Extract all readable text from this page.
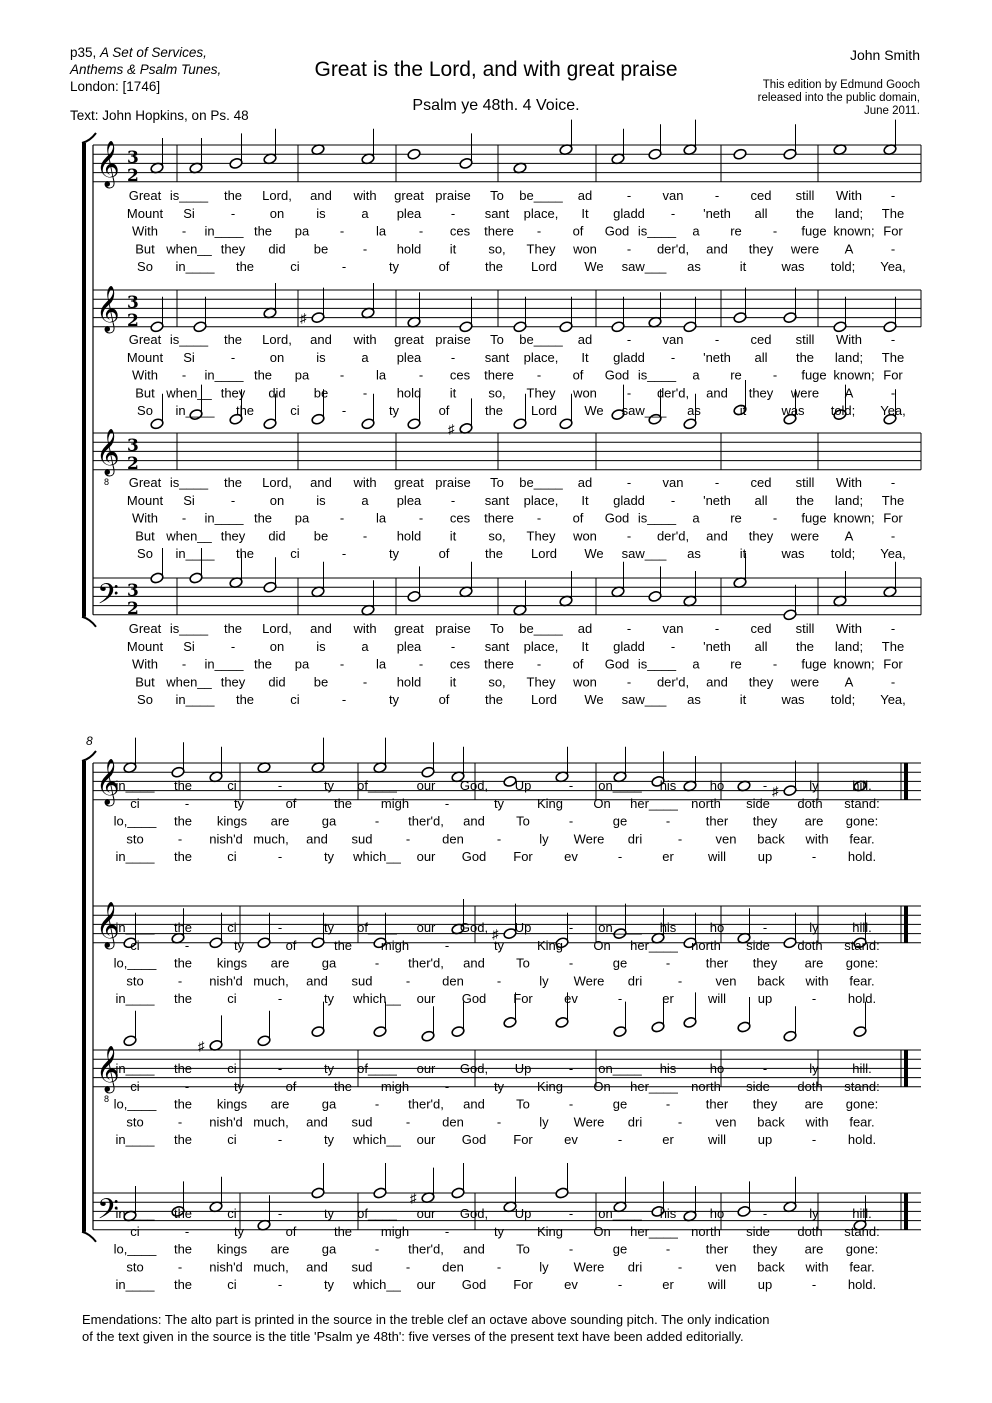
p35, A Set of Services,
Anthems & Psalm Tunes,
London: [1746]
Text: John Hopkins, on Ps. 48
Great is the Lord, and with great praise
Psalm ye 48th. 4 Voice.
John Smith
This edition by Edmund Gooch
released into the public domain,
June 2011.
𝄞 3
2
𝄞 3
2
𝄞
8
3
2
𝄢 3
2
𝄞
𝄞
𝄞
8
𝄢
8
♯
♯
♯
♯
♯
♯
Great is____ the Lord, and with great praise To be____ ad	- van - ced still With -
Mount Si	-	on is	a plea - sant place, It gladd - 'neth all the land; The
With - in____ the pa - la	- ces there - of God is____ a re - fuge known; For
But when__ they did be	- hold it so, They won - der'd, and they were A	-
So in____ the	ci	-	ty	of	the Lord We saw___ as	it	was told; Yea,
Great is____ the Lord, and with great praise To be____ ad	- van - ced still With -
Mount Si	-	on is	a plea - sant place, It gladd - 'neth all the land; The
With - in____ the pa - la	- ces there - of God is____ a re - fuge known; For
But when__ they did be	- hold it so, They won - der'd, and they were A	-
So in____ the	ci	-	ty	of	the Lord We saw___ as	it	was told; Yea,
Great is____ the Lord, and with great praise To be____ ad	- van - ced still With -
Mount Si	-	on is	a plea - sant place, It gladd - 'neth all the land; The
With - in____ the pa - la	- ces there - of God is____ a re - fuge known; For
But when__ they did be	- hold it so, They won - der'd, and they were A	-
So in____ the	ci	-	ty	of	the Lord We saw___ as	it	was told; Yea,
Great is____ the Lord, and with great praise To be____ ad	- van - ced still With -
Mount Si	-	on is	a plea - sant place, It gladd - 'neth all the land; The
With - in____ the pa - la	- ces there - of God is____ a re - fuge known; For
But when__ they did be	- hold it so, They won - der'd, and they were A	-
So in____ the	ci	-	ty	of	the Lord We saw___ as	it	was told; Yea,
in____ the	ci	-	ty of____ our God, Up	- on____ his	ho	-	ly	hill.
ci	-	ty	of	the migh	-	ty	King On her____ north side doth stand:
lo,____ the kings are ga	- ther'd, and To	-	ge	-	ther they are gone:
sto	- nish'd much, and sud	- den	-	ly Were dri	-	ven back with fear.
in____ the	ci	-	ty which__ our God For ev	-	er	will up	- hold.
in____ the	ci	-	ty of____ our God, Up	- on____ his	ho	-	ly	hill.
ci	-	ty	of	the migh	-	ty	King On her____ north side doth stand:
lo,____ the kings are ga	- ther'd, and To	-	ge	-	ther they are gone:
sto	- nish'd much, and sud	- den	-	ly Were dri	-	ven back with fear.
in____ the	ci	-	ty which__ our God For ev	-	er	will up	- hold.
in____ the	ci	-	ty of____ our God, Up	- on____ his	ho	-	ly	hill.
ci	-	ty	of	the migh	-	ty	King On her____ north side doth stand:
lo,____ the kings are ga	- ther'd, and To	-	ge	-	ther they are gone:
sto	- nish'd much, and sud	- den	-	ly Were dri	-	ven back with fear.
in____ the	ci	-	ty which__ our God For ev	-	er	will up	- hold.
in____ the	ci	-	ty of____ our God, Up	- on____ his	ho	-	ly	hill.
ci	-	ty	of	the migh	-	ty	King On her____ north side doth stand:
lo,____ the kings are ga	- ther'd, and To	-	ge	-	ther they are gone:
sto	- nish'd much, and sud	- den	-	ly Were dri	-	ven back with fear.
in____ the	ci	-	ty which__ our God For ev	-	er	will up	- hold.
Emendations: The alto part is printed in the source in the treble clef an octave above sounding pitch. The only indication
of the text given in the source is the title 'Psalm ye 48th': five verses of the present text have been added editorially.
